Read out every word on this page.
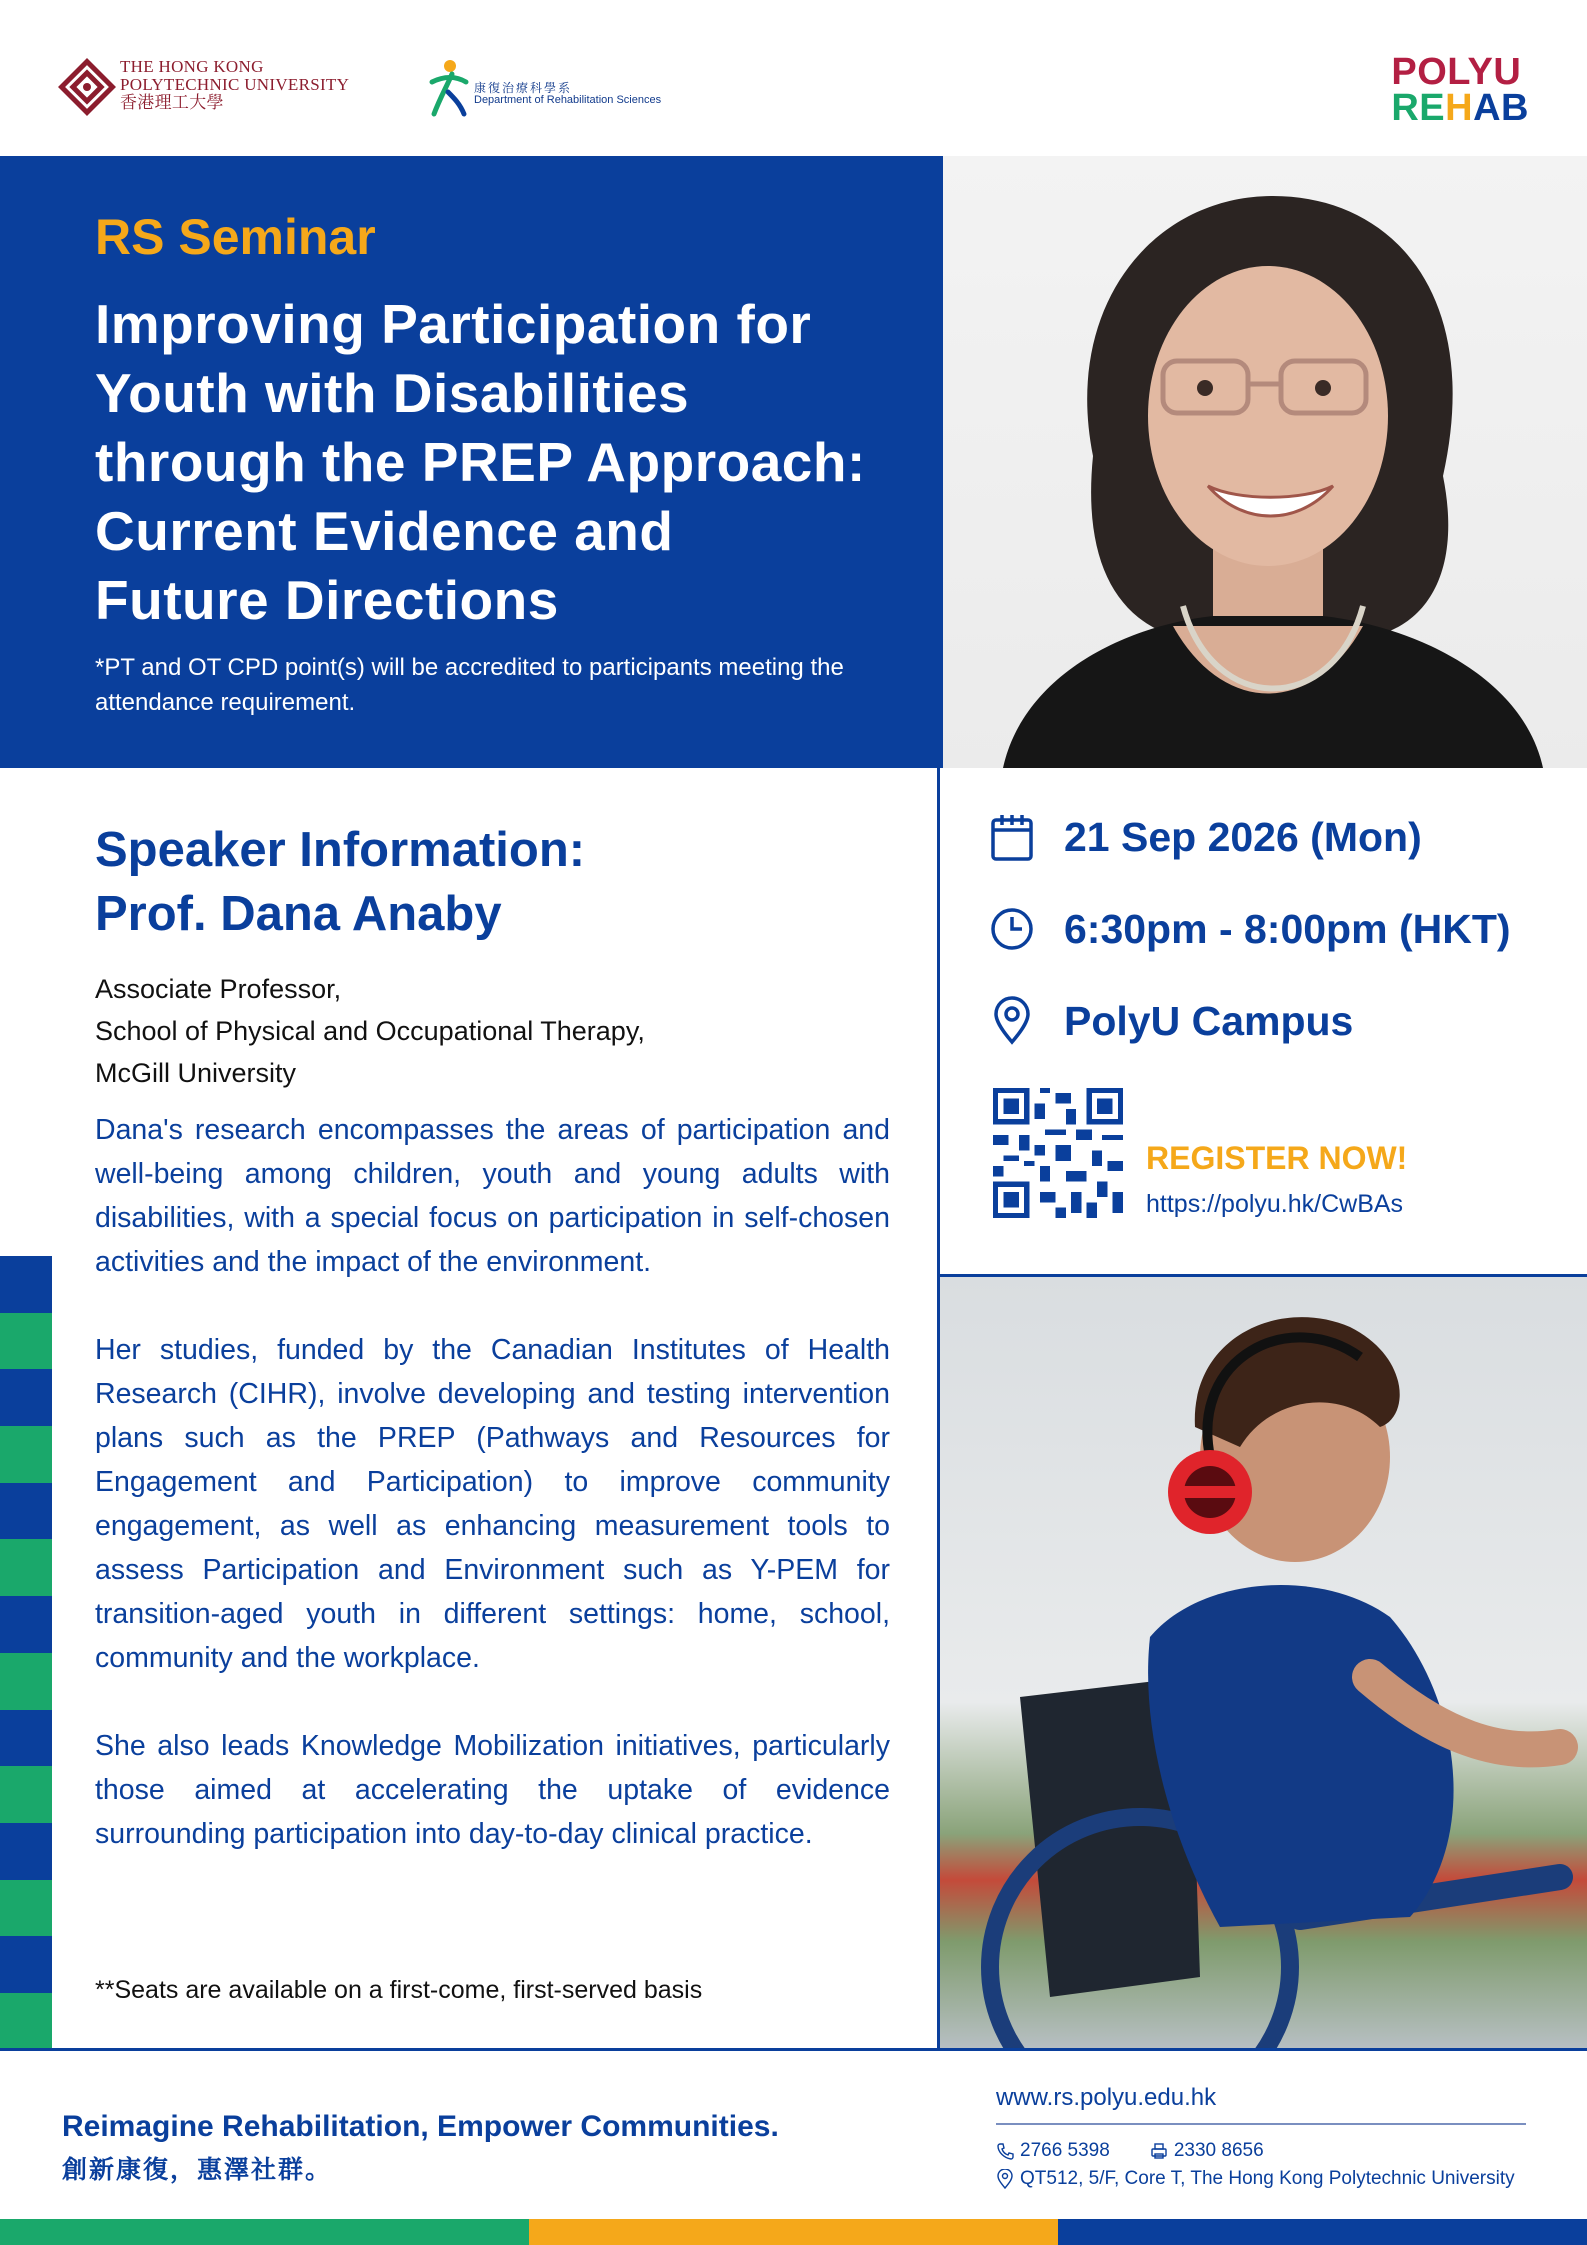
THE HONG KONG
POLYTECHNIC UNIVERSITY
香港理工大學
康復治療科學系
Department of Rehabilitation Sciences
POLYU
REHAB
RS Seminar
Improving Participation for
Youth with Disabilities
through the PREP Approach:
Current Evidence and
Future Directions
*PT and OT CPD point(s) will be accredited to participants meeting the
attendance requirement.
Speaker Information:
Prof. Dana Anaby
Associate Professor,
School of Physical and Occupational Therapy,
McGill University

Dana's research encompasses the areas of participation and well-being among children, youth and young adults with disabilities, with a special focus on participation in self-chosen activities and the impact of the environment.

Her studies, funded by the Canadian Institutes of Health Research (CIHR), involve developing and testing intervention plans such as the PREP (Pathways and Resources for Engagement and Participation) to improve community engagement, as well as enhancing measurement tools to assess Participation and Environment such as Y-PEM for transition-aged youth in different settings: home, school, community and the workplace.

She also leads Knowledge Mobilization initiatives, particularly those aimed at accelerating the uptake of evidence surrounding participation into day-to-day clinical practice.

**Seats are available on a first-come, first-served basis
21 Sep 2026 (Mon)
6:30pm - 8:00pm (HKT)
PolyU Campus
REGISTER NOW!
https://polyu.hk/CwBAs
Reimagine Rehabilitation, Empower Communities.
創新康復，惠澤社群。
www.rs.polyu.edu.hk
2766 5398	2330 8656
QT512, 5/F, Core T, The Hong Kong Polytechnic University
